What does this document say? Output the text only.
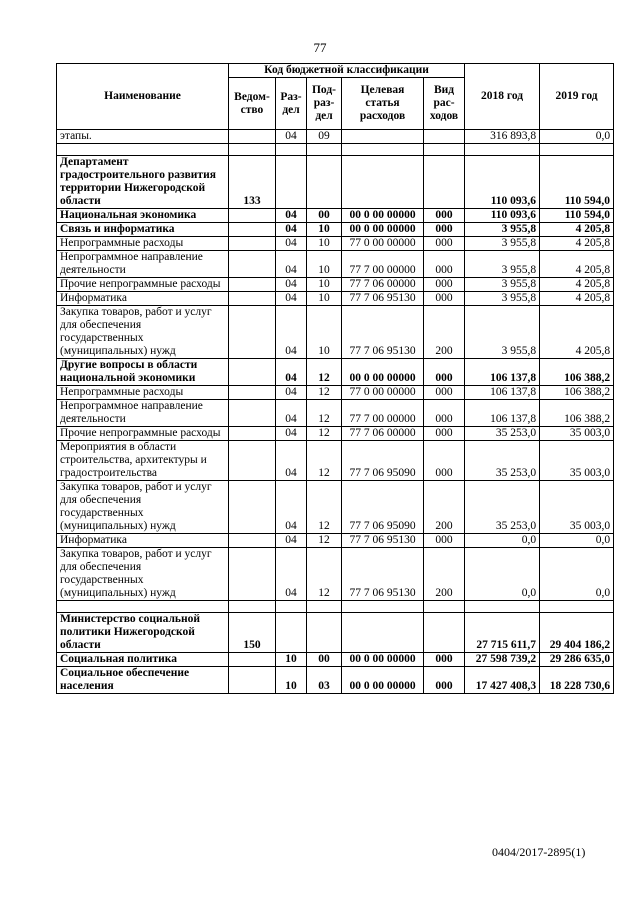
77
Наименование	Код бюджетной классификации					2018 год	2019 год
	Ведом-ство	Раз-дел	Под-раз-дел	Целевая статья расходов	Вид рас-ходов		
этапы.		04	09			316 893,8	0,0

Департамент градостроительного развития территории Нижегородской области	133					110 093,6	110 594,0
Национальная экономика		04	00	00 0 00 00000	000	110 093,6	110 594,0
Связь и информатика		04	10	00 0 00 00000	000	3 955,8	4 205,8
Непрограммные расходы		04	10	77 0 00 00000	000	3 955,8	4 205,8
Непрограммное направление деятельности		04	10	77 7 00 00000	000	3 955,8	4 205,8
Прочие непрограммные расходы		04	10	77 7 06 00000	000	3 955,8	4 205,8
Информатика		04	10	77 7 06 95130	000	3 955,8	4 205,8
Закупка товаров, работ и услуг для обеспечения государственных (муниципальных) нужд		04	10	77 7 06 95130	200	3 955,8	4 205,8
Другие вопросы в области национальной экономики		04	12	00 0 00 00000	000	106 137,8	106 388,2
Непрограммные расходы		04	12	77 0 00 00000	000	106 137,8	106 388,2
Непрограммное направление деятельности		04	12	77 7 00 00000	000	106 137,8	106 388,2
Прочие непрограммные расходы		04	12	77 7 06 00000	000	35 253,0	35 003,0
Мероприятия в области строительства, архитектуры и градостроительства		04	12	77 7 06 95090	000	35 253,0	35 003,0
Закупка товаров, работ и услуг для обеспечения государственных (муниципальных) нужд		04	12	77 7 06 95090	200	35 253,0	35 003,0
Информатика		04	12	77 7 06 95130	000	0,0	0,0
Закупка товаров, работ и услуг для обеспечения государственных (муниципальных) нужд		04	12	77 7 06 95130	200	0,0	0,0

Министерство социальной политики Нижегородской области	150					27 715 611,7	29 404 186,2
Социальная политика		10	00	00 0 00 00000	000	27 598 739,2	29 286 635,0
Социальное обеспечение населения		10	03	00 0 00 00000	000	17 427 408,3	18 228 730,6
0404/2017-2895(1)
